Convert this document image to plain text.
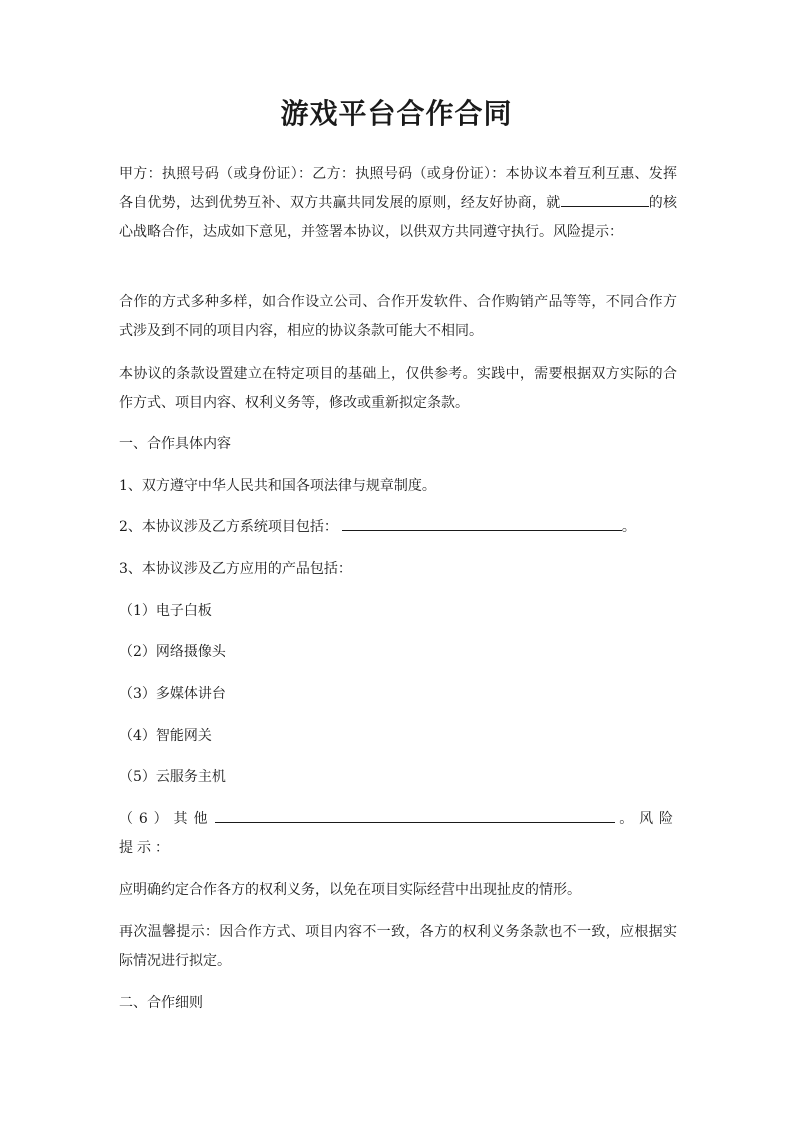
游戏平台合作合同
甲方：执照号码（或身份证）：乙方：执照号码（或身份证）：本协议本着互利互惠、发挥各自优势，达到优势互补、双方共赢共同发展的原则，经友好协商，就	的核心战略合作，达成如下意见，并签署本协议，以供双方共同遵守执行。风险提示：
合作的方式多种多样，如合作设立公司、合作开发软件、合作购销产品等等，不同合作方式涉及到不同的项目内容，相应的协议条款可能大不相同。
本协议的条款设置建立在特定项目的基础上，仅供参考。实践中，需要根据双方实际的合作方式、项目内容、权利义务等，修改或重新拟定条款。
一、合作具体内容
1、双方遵守中华人民共和国各项法律与规章制度。
2、本协议涉及乙方系统项目包括：	。
3、本协议涉及乙方应用的产品包括：
（1）电子白板
（2）网络摄像头
（3）多媒体讲台
（4）智能网关
（5）云服务主机
（6）其他	。风险提示：
应明确约定合作各方的权利义务，以免在项目实际经营中出现扯皮的情形。
再次温馨提示：因合作方式、项目内容不一致，各方的权利义务条款也不一致，应根据实际情况进行拟定。
二、合作细则
